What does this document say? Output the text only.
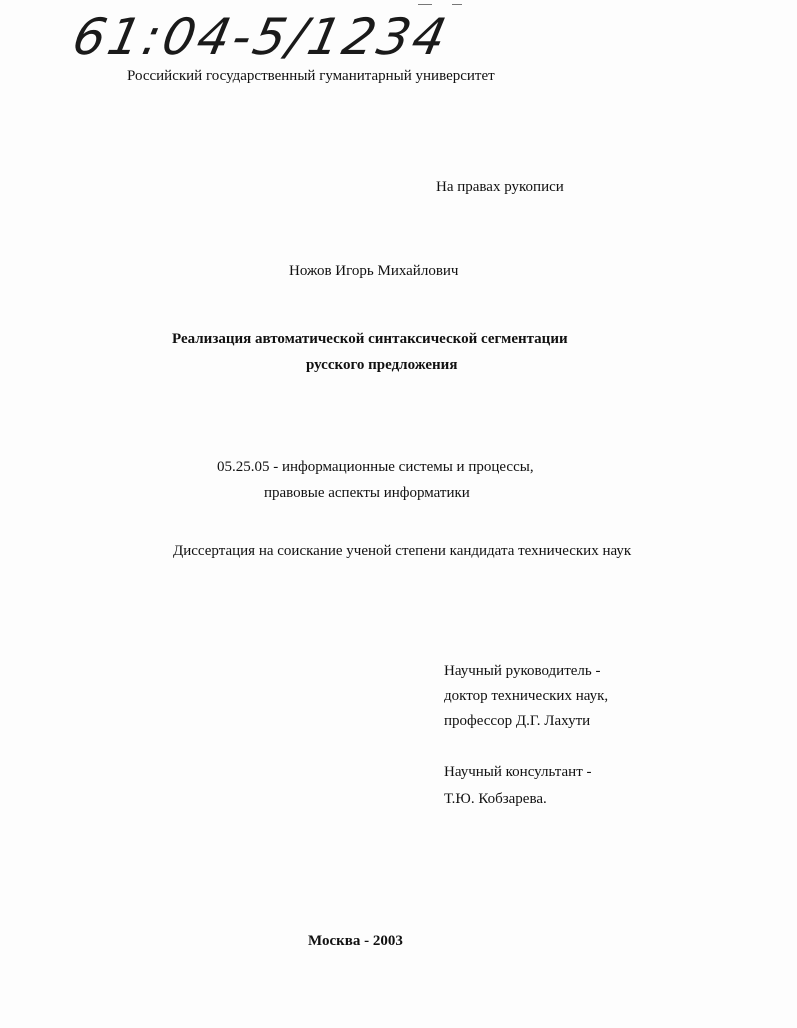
61:04-5/1234
Российский государственный гуманитарный университет
На правах рукописи
Ножов Игорь Михайлович
Реализация автоматической синтаксической сегментации
русского предложения
05.25.05 - информационные системы и процессы,
правовые аспекты информатики
Диссертация на соискание ученой степени кандидата технических наук
Научный руководитель -
доктор технических наук,
профессор Д.Г. Лахути
Научный консультант -
Т.Ю. Кобзарева.
Москва - 2003
